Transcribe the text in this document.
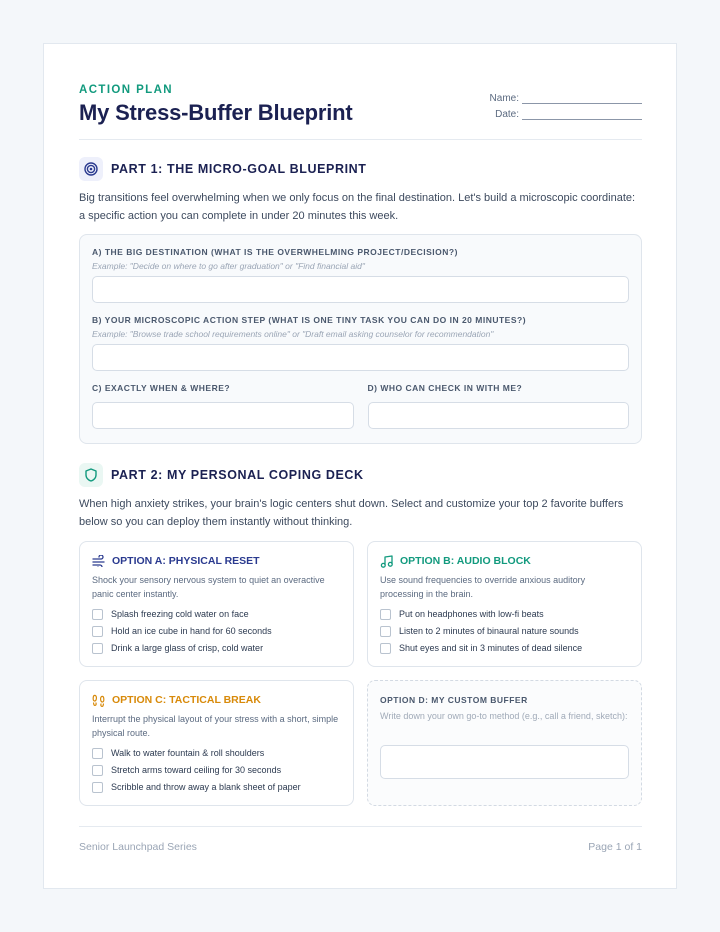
ACTION PLAN
My Stress-Buffer Blueprint
Name:
Date:
PART 1: THE MICRO-GOAL BLUEPRINT
Big transitions feel overwhelming when we only focus on the final destination. Let's build a microscopic coordinate: a specific action you can complete in under 20 minutes this week.
A) THE BIG DESTINATION (WHAT IS THE OVERWHELMING PROJECT/DECISION?)
Example: "Decide on where to go after graduation" or "Find financial aid"
B) YOUR MICROSCOPIC ACTION STEP (WHAT IS ONE TINY TASK YOU CAN DO IN 20 MINUTES?)
Example: "Browse trade school requirements online" or "Draft email asking counselor for recommendation"
C) EXACTLY WHEN & WHERE?	D) WHO CAN CHECK IN WITH ME?
PART 2: MY PERSONAL COPING DECK
When high anxiety strikes, your brain's logic centers shut down. Select and customize your top 2 favorite buffers below so you can deploy them instantly without thinking.
OPTION A: PHYSICAL RESET
Shock your sensory nervous system to quiet an overactive panic center instantly.
Splash freezing cold water on face
Hold an ice cube in hand for 60 seconds
Drink a large glass of crisp, cold water
OPTION B: AUDIO BLOCK
Use sound frequencies to override anxious auditory processing in the brain.
Put on headphones with low-fi beats
Listen to 2 minutes of binaural nature sounds
Shut eyes and sit in 3 minutes of dead silence
OPTION C: TACTICAL BREAK
Interrupt the physical layout of your stress with a short, simple physical route.
Walk to water fountain & roll shoulders
Stretch arms toward ceiling for 30 seconds
Scribble and throw away a blank sheet of paper
OPTION D: MY CUSTOM BUFFER
Write down your own go-to method (e.g., call a friend, sketch):
Senior Launchpad Series	Page 1 of 1
